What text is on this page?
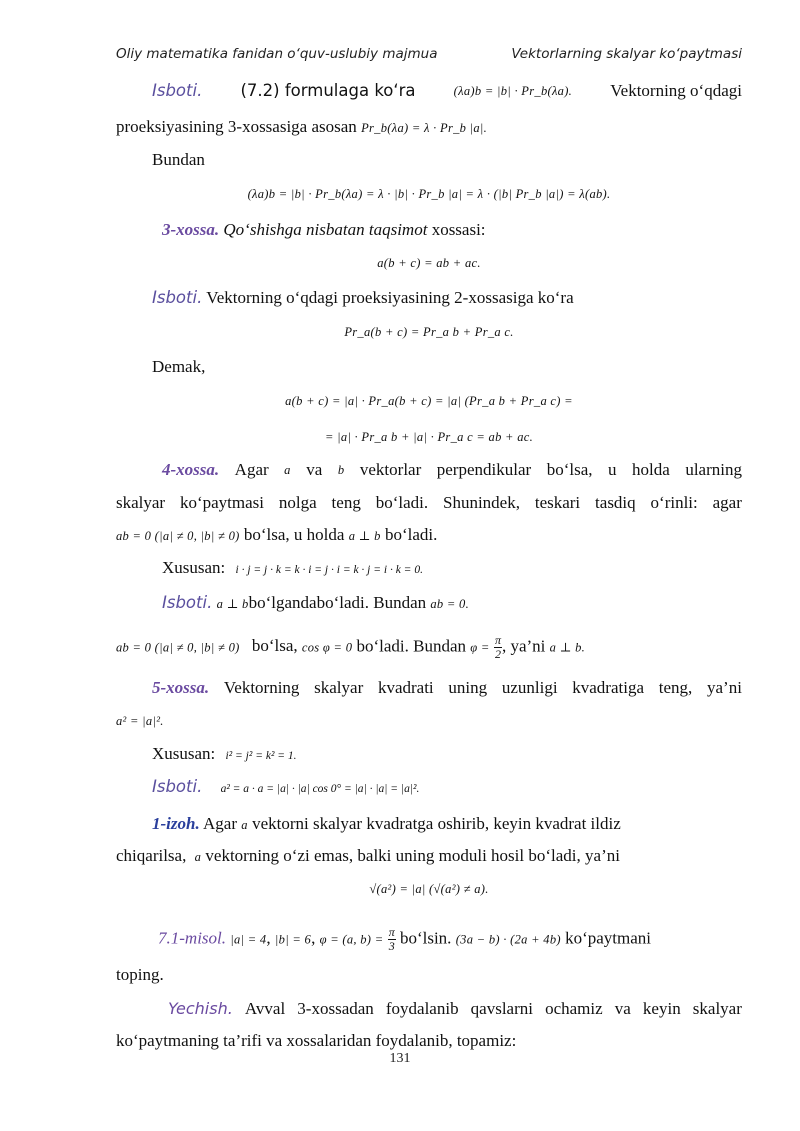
Oliy matematika fanidan o‘quv-uslubiy majmua	Vektorlarning skalyar ko‘paytmasi
Isboti. (7.2) formulaga ko‘ra	(λa)b = |b| · Pr_b(λa). Vektorning o‘qdagi
proeksiyasining 3-xossasiga asosan Pr_b(λa) = λ · Pr_b |a|.
Bundan
(λa)b = |b| · Pr_b(λa) = λ · |b| · Pr_b |a| = λ · (|b| Pr_b |a|) = λ(ab).
3-xossa. Qo‘shishga nisbatan taqsimot xossasi:
a(b + c) = ab + ac.
Isboti. Vektorning o‘qdagi proeksiyasining 2-xossasiga ko‘ra
Pr_a(b + c) = Pr_a b + Pr_a c.
Demak,
a(b + c) = |a| · Pr_a(b + c) = |a| (Pr_a b + Pr_a c) =
= |a| · Pr_a b + |a| · Pr_a c = ab + ac.
4-xossa. Agar a va b vektorlar perpendikular bo‘lsa, u holda ularning
skalyar ko‘paytmasi nolga teng bo‘ladi. Shunindek, teskari tasdiq o‘rinli: agar
ab = 0 (|a| ≠ 0, |b| ≠ 0) bo‘lsa, u holda a ⊥ b bo‘ladi.
Xususan: i · j = j · k = k · i = j · i = k · j = i · k = 0.
Isboti. a ⊥ bbo‘lgandabo‘ladi. Bundan ab = 0.
ab = 0 (|a| ≠ 0, |b| ≠ 0) bo‘lsa, cos φ = 0 bo‘ladi. Bundan $\varphi = \frac{\pi}{2}$ , ya’ni a ⊥ b.
5-xossa. Vektorning skalyar kvadrati uning uzunligi kvadratiga teng, ya’ni
a² = |a|².
Xususan: i² = j² = k² = 1.
Isboti. a² = a · a = |a| · |a| cos 0° = |a| · |a| = |a|².
1-izoh. Agar a vektorni skalyar kvadratga oshirib, keyin kvadrat ildiz
chiqarilsa, a vektorning o‘zi emas, balki uning moduli hosil bo‘ladi, ya’ni
√(a²) = |a| (√(a²) ≠ a).
7.1-misol. |a| = 4, |b| = 6, φ = (a, $b) = \frac{\pi}{3}$ bo‘lsin. (3a − b) · (2a + 4b) ko‘paytmani
toping.
Yechish. Avval 3-xossadan foydalanib qavslarni ochamiz va keyin skalyar
ko‘paytmaning ta’rifi va xossalaridan foydalanib, topamiz:
131
